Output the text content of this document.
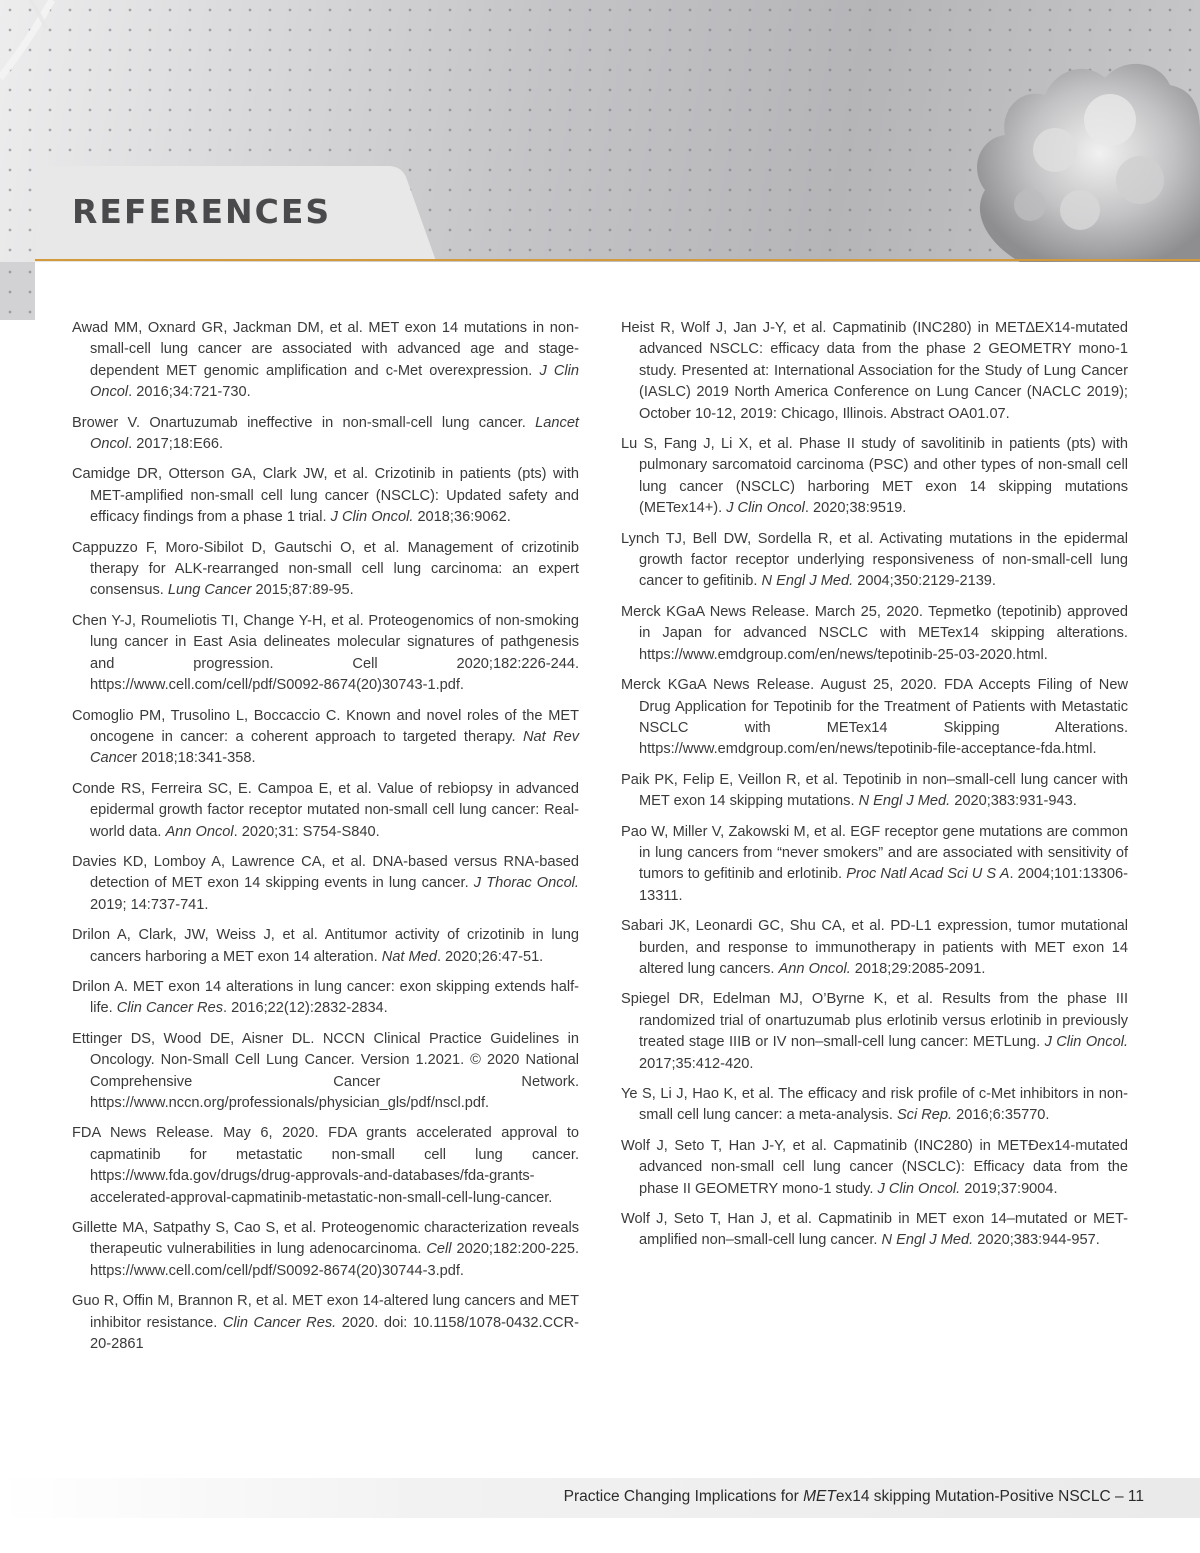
REFERENCES

Awad MM, Oxnard GR, Jackman DM, et al. MET exon 14 mutations in non-small-cell lung cancer are associated with advanced age and stage-dependent MET genomic amplification and c-Met overexpression. J Clin Oncol. 2016;34:721-730.

Brower V. Onartuzumab ineffective in non-small-cell lung cancer. Lancet Oncol. 2017;18:E66.

Camidge DR, Otterson GA, Clark JW, et al. Crizotinib in patients (pts) with MET-amplified non-small cell lung cancer (NSCLC): Updated safety and efficacy findings from a phase 1 trial. J Clin Oncol. 2018;36:9062.

Cappuzzo F, Moro-Sibilot D, Gautschi O, et al. Management of crizotinib therapy for ALK-rearranged non-small cell lung carcinoma: an expert consensus. Lung Cancer 2015;87:89-95.

Chen Y-J, Roumeliotis TI, Change Y-H, et al. Proteogenomics of non-smoking lung cancer in East Asia delineates molecular signatures of pathgenesis and progression. Cell 2020;182:226-244. https://www.cell.com/cell/pdf/S0092-8674(20)30743-1.pdf.

Comoglio PM, Trusolino L, Boccaccio C. Known and novel roles of the MET oncogene in cancer: a coherent approach to targeted therapy. Nat Rev Cancer 2018;18:341-358.

Conde RS, Ferreira SC, E. Campoa E, et al. Value of rebiopsy in advanced epidermal growth factor receptor mutated non-small cell lung cancer: Real-world data. Ann Oncol. 2020;31: S754-S840.

Davies KD, Lomboy A, Lawrence CA, et al. DNA-based versus RNA-based detection of MET exon 14 skipping events in lung cancer. J Thorac Oncol. 2019; 14:737-741.

Drilon A, Clark, JW, Weiss J, et al. Antitumor activity of crizotinib in lung cancers harboring a MET exon 14 alteration. Nat Med. 2020;26:47-51.

Drilon A. MET exon 14 alterations in lung cancer: exon skipping extends half-life. Clin Cancer Res. 2016;22(12):2832-2834.

Ettinger DS, Wood DE, Aisner DL. NCCN Clinical Practice Guidelines in Oncology. Non-Small Cell Lung Cancer. Version 1.2021. © 2020 National Comprehensive Cancer Network. https://www.nccn.org/professionals/physician_gls/pdf/nscl.pdf.

FDA News Release. May 6, 2020. FDA grants accelerated approval to capmatinib for metastatic non-small cell lung cancer. https://www.fda.gov/drugs/drug-approvals-and-databases/fda-grants-accelerated-approval-capmatinib-metastatic-non-small-cell-lung-cancer.

Gillette MA, Satpathy S, Cao S, et al. Proteogenomic characterization reveals therapeutic vulnerabilities in lung adenocarcinoma. Cell 2020;182:200-225. https://www.cell.com/cell/pdf/S0092-8674(20)30744-3.pdf.

Guo R, Offin M, Brannon R, et al. MET exon 14-altered lung cancers and MET inhibitor resistance. Clin Cancer Res. 2020. doi: 10.1158/1078-0432.CCR-20-2861

Heist R, Wolf J, Jan J-Y, et al. Capmatinib (INC280) in MET∆EX14-mutated advanced NSCLC: efficacy data from the phase 2 GEOMETRY mono-1 study. Presented at: International Association for the Study of Lung Cancer (IASLC) 2019 North America Conference on Lung Cancer (NACLC 2019); October 10-12, 2019: Chicago, Illinois. Abstract OA01.07.

Lu S, Fang J, Li X, et al. Phase II study of savolitinib in patients (pts) with pulmonary sarcomatoid carcinoma (PSC) and other types of non-small cell lung cancer (NSCLC) harboring MET exon 14 skipping mutations (METex14+). J Clin Oncol. 2020;38:9519.

Lynch TJ, Bell DW, Sordella R, et al. Activating mutations in the epidermal growth factor receptor underlying responsiveness of non-small-cell lung cancer to gefitinib. N Engl J Med. 2004;350:2129-2139.

Merck KGaA News Release. March 25, 2020. Tepmetko (tepotinib) approved in Japan for advanced NSCLC with METex14 skipping alterations. https://www.emdgroup.com/en/news/tepotinib-25-03-2020.html.

Merck KGaA News Release. August 25, 2020. FDA Accepts Filing of New Drug Application for Tepotinib for the Treatment of Patients with Metastatic NSCLC with METex14 Skipping Alterations. https://www.emdgroup.com/en/news/tepotinib-file-acceptance-fda.html.

Paik PK, Felip E, Veillon R, et al. Tepotinib in non–small-cell lung cancer with MET exon 14 skipping mutations. N Engl J Med. 2020;383:931-943.

Pao W, Miller V, Zakowski M, et al. EGF receptor gene mutations are common in lung cancers from “never smokers” and are associated with sensitivity of tumors to gefitinib and erlotinib. Proc Natl Acad Sci U S A. 2004;101:13306-13311.

Sabari JK, Leonardi GC, Shu CA, et al. PD-L1 expression, tumor mutational burden, and response to immunotherapy in patients with MET exon 14 altered lung cancers. Ann Oncol. 2018;29:2085-2091.

Spiegel DR, Edelman MJ, O’Byrne K, et al. Results from the phase III randomized trial of onartuzumab plus erlotinib versus erlotinib in previously treated stage IIIB or IV non–small-cell lung cancer: METLung. J Clin Oncol. 2017;35:412-420.

Ye S, Li J, Hao K, et al. The efficacy and risk profile of c-Met inhibitors in non-small cell lung cancer: a meta-analysis. Sci Rep. 2016;6:35770.

Wolf J, Seto T, Han J-Y, et al. Capmatinib (INC280) in METĐex14-mutated advanced non-small cell lung cancer (NSCLC): Efficacy data from the phase II GEOMETRY mono-1 study. J Clin Oncol. 2019;37:9004.

Wolf J, Seto T, Han J, et al. Capmatinib in MET exon 14–mutated or MET-amplified non–small-cell lung cancer. N Engl J Med. 2020;383:944-957.

Practice Changing Implications for METex14 skipping Mutation-Positive NSCLC – 11
